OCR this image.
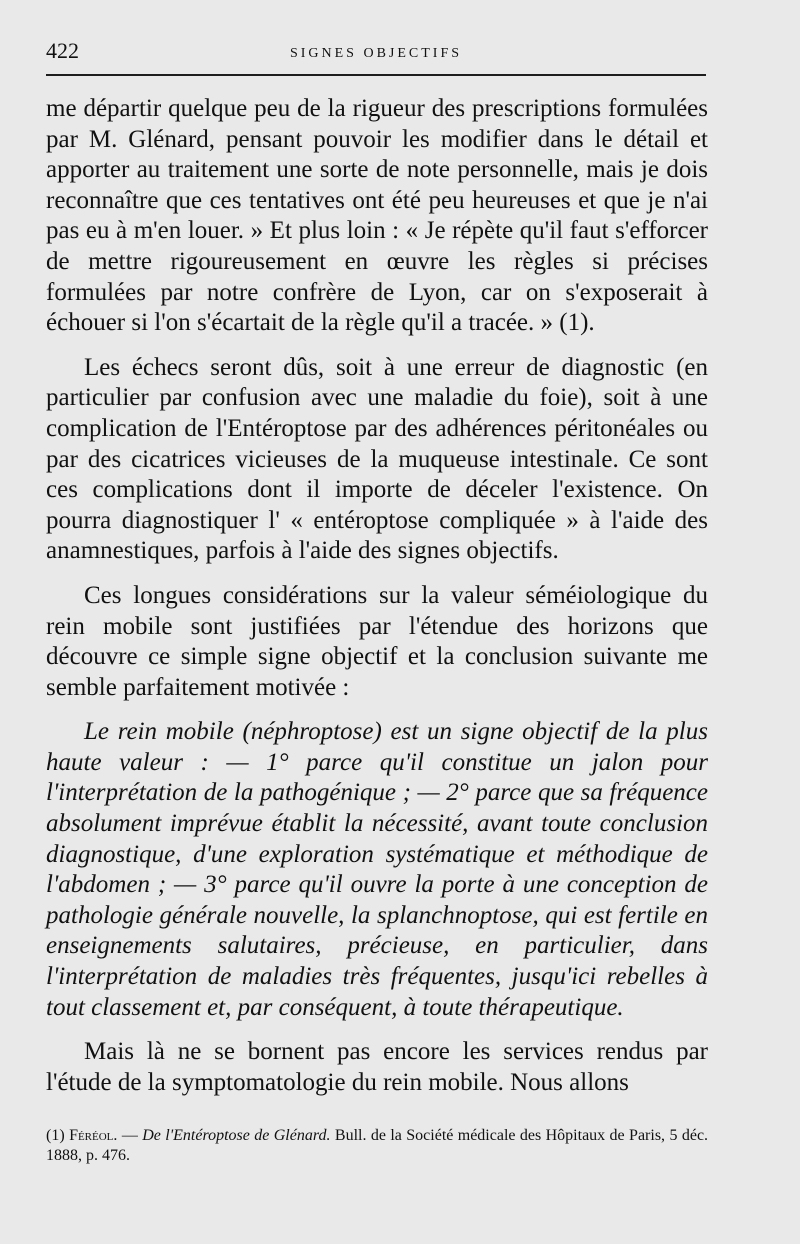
422	SIGNES OBJECTIFS

me départir quelque peu de la rigueur des prescriptions formulées par M. Glénard, pensant pouvoir les modifier dans le détail et apporter au traitement une sorte de note personnelle, mais je dois reconnaître que ces tentatives ont été peu heureuses et que je n'ai pas eu à m'en louer. » Et plus loin : « Je répète qu'il faut s'efforcer de mettre rigoureusement en œuvre les règles si précises formulées par notre confrère de Lyon, car on s'exposerait à échouer si l'on s'écartait de la règle qu'il a tracée. » (1).

Les échecs seront dûs, soit à une erreur de diagnostic (en particulier par confusion avec une maladie du foie), soit à une complication de l'Entéroptose par des adhérences péritonéales ou par des cicatrices vicieuses de la muqueuse intestinale. Ce sont ces complications dont il importe de déceler l'existence. On pourra diagnostiquer l' « entéroptose compliquée » à l'aide des anamnestiques, parfois à l'aide des signes objectifs.

Ces longues considérations sur la valeur séméiologique du rein mobile sont justifiées par l'étendue des horizons que découvre ce simple signe objectif et la conclusion suivante me semble parfaitement motivée :

Le rein mobile (néphroptose) est un signe objectif de la plus haute valeur : — 1° parce qu'il constitue un jalon pour l'interprétation de la pathogénique ; — 2° parce que sa fréquence absolument imprévue établit la nécessité, avant toute conclusion diagnostique, d'une exploration systématique et méthodique de l'abdomen ; — 3° parce qu'il ouvre la porte à une conception de pathologie générale nouvelle, la splanchnoptose, qui est fertile en enseignements salutaires, précieuse, en particulier, dans l'interprétation de maladies très fréquentes, jusqu'ici rebelles à tout classement et, par conséquent, à toute thérapeutique.

Mais là ne se bornent pas encore les services rendus par l'étude de la symptomatologie du rein mobile. Nous allons

(1) Féréol. — De l'Entéroptose de Glénard. Bull. de la Société médicale des Hôpitaux de Paris, 5 déc. 1888, p. 476.
